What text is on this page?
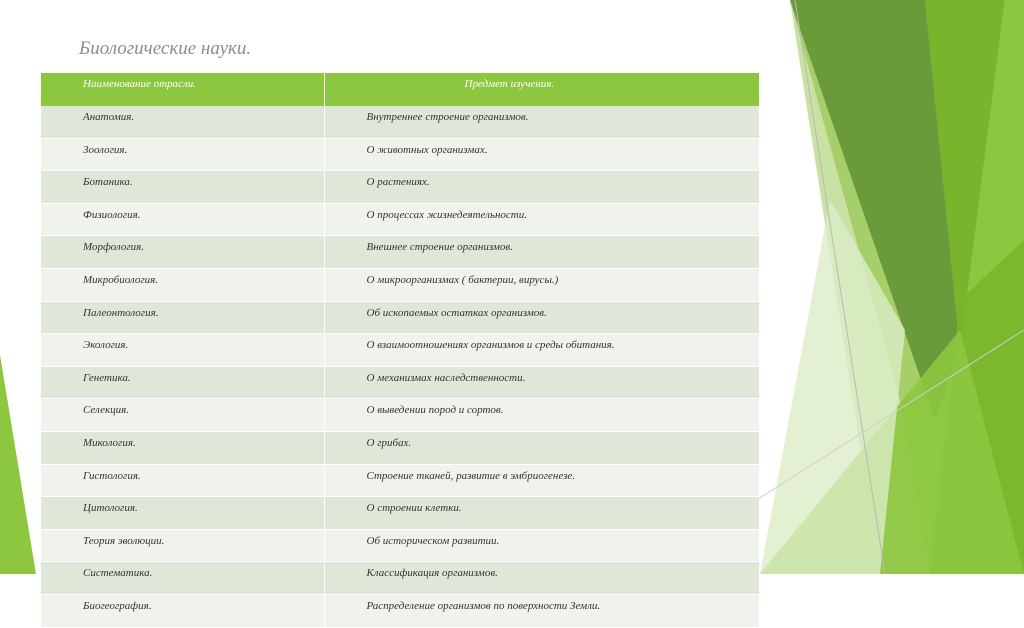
Биологические науки.
Наименование отрасли.	Предмет изучения.
Анатомия.	Внутреннее строение организмов.
Зоология.	О животных организмах.
Ботаника.	О растениях.
Физиология.	О процессах жизнедеятельности.
Морфология.	Внешнее строение организмов.
Микробиология.	О микроорганизмах ( бактерии, вирусы.)
Палеонтология.	Об ископаемых остатках организмов.
Экология.	О взаимоотношениях организмов и среды обитания.
Генетика.	О механизмах наследственности.
Селекция.	О выведении пород и сортов.
Микология.	О грибах.
Гистология.	Строение тканей, развитие в эмбриогенезе.
Цитология.	О строении клетки.
Теория эволюции.	Об историческом развитии.
Систематика.	Классификация организмов.
Биогеография.	Распределение организмов по поверхности Земли.
